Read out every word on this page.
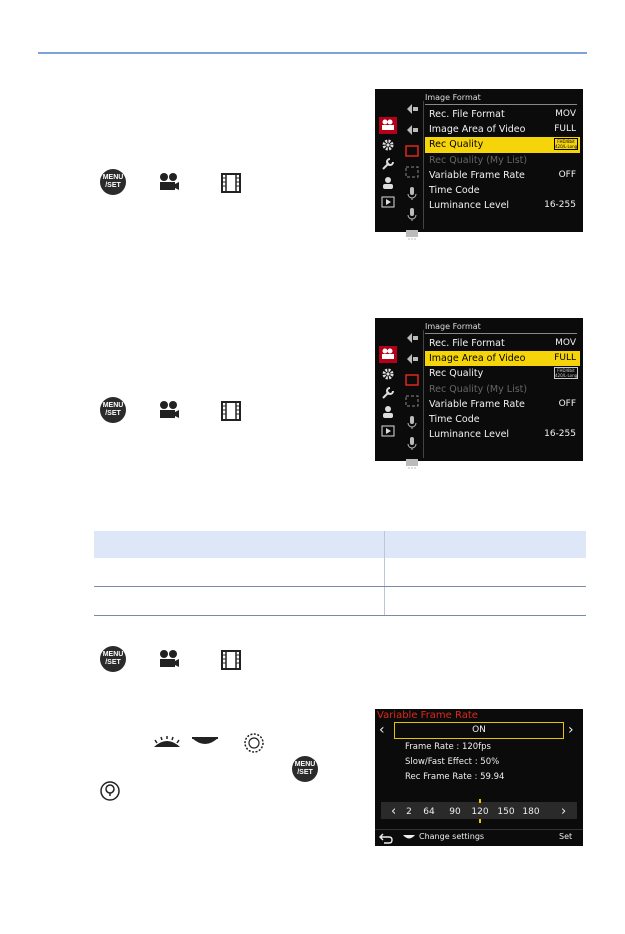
Image Format
Rec. File Format	MOV
Image Area of Video	FULL
Rec Quality	FHD/8bit
420/L·Long
Rec Quality (My List)
Variable Frame Rate	OFF
Time Code
Luminance Level	16-255
MENU
/SET
Image Format
Rec. File Format	MOV
Image Area of Video	FULL
Rec Quality	FHD/8bit
420/L·Long
Rec Quality (My List)
Variable Frame Rate	OFF
Time Code
Luminance Level	16-255
MENU
/SET
MENU
/SET
MENU
/SET
Variable Frame Rate
‹	ON	›
Frame Rate : 120fps
Slow/Fast Effect : 50%
Rec Frame Rate : 59.94
‹	›
2 64 90 120 150 180
Change settings	Set
